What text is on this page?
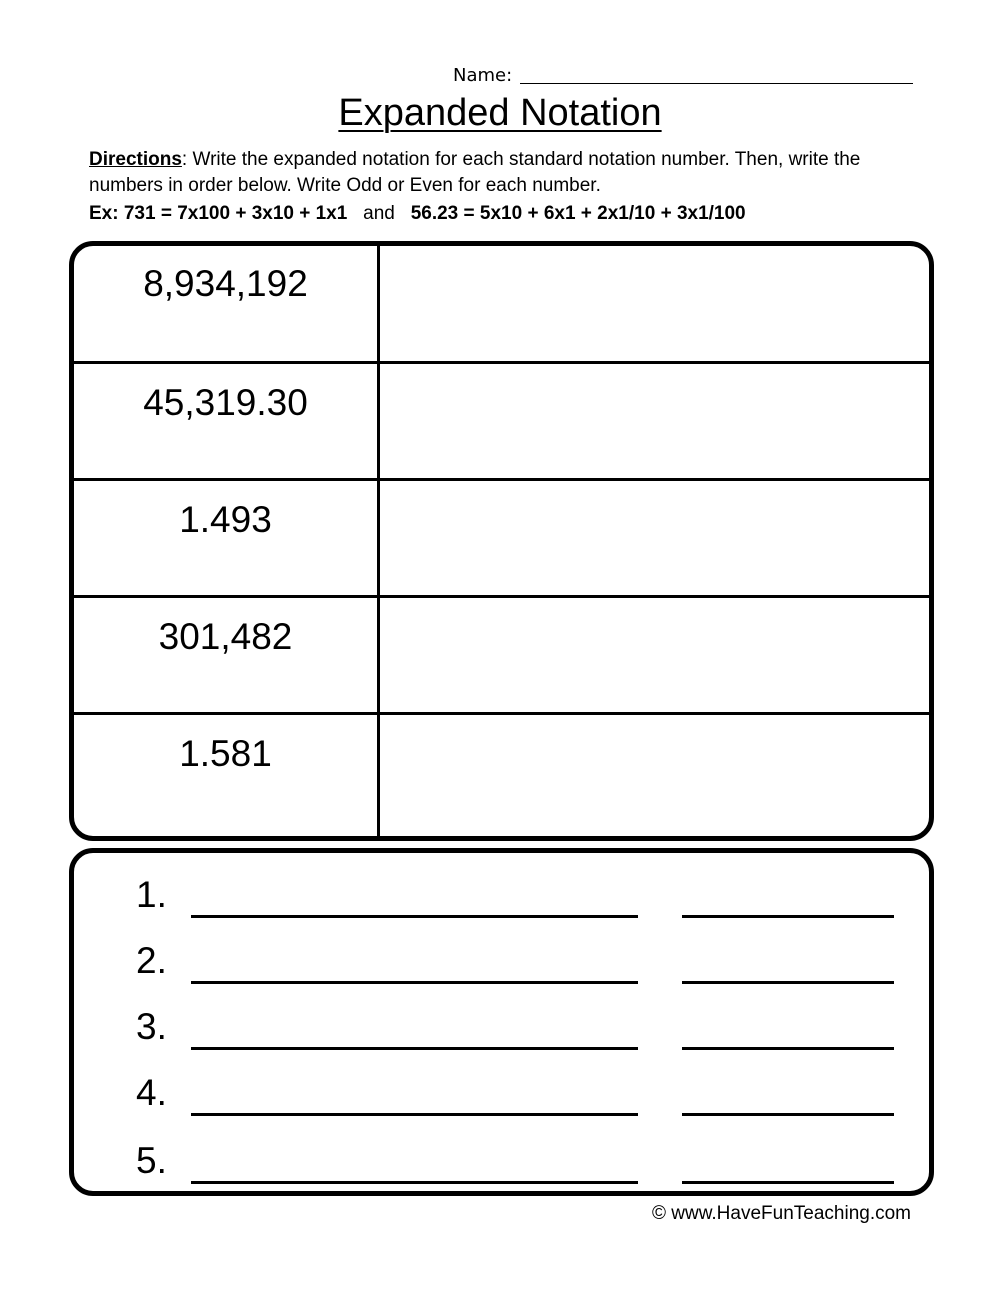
Name:
Expanded Notation
Directions: Write the expanded notation for each standard notation number. Then, write the numbers in order below. Write Odd or Even for each number.
Ex: 731 = 7x100 + 3x10 + 1x1 and 56.23 = 5x10 + 6x1 + 2x1/10 + 3x1/100
8,934,192
45,319.30
1.493
301,482
1.581
1.
2.
3.
4.
5.
© www.HaveFunTeaching.com
